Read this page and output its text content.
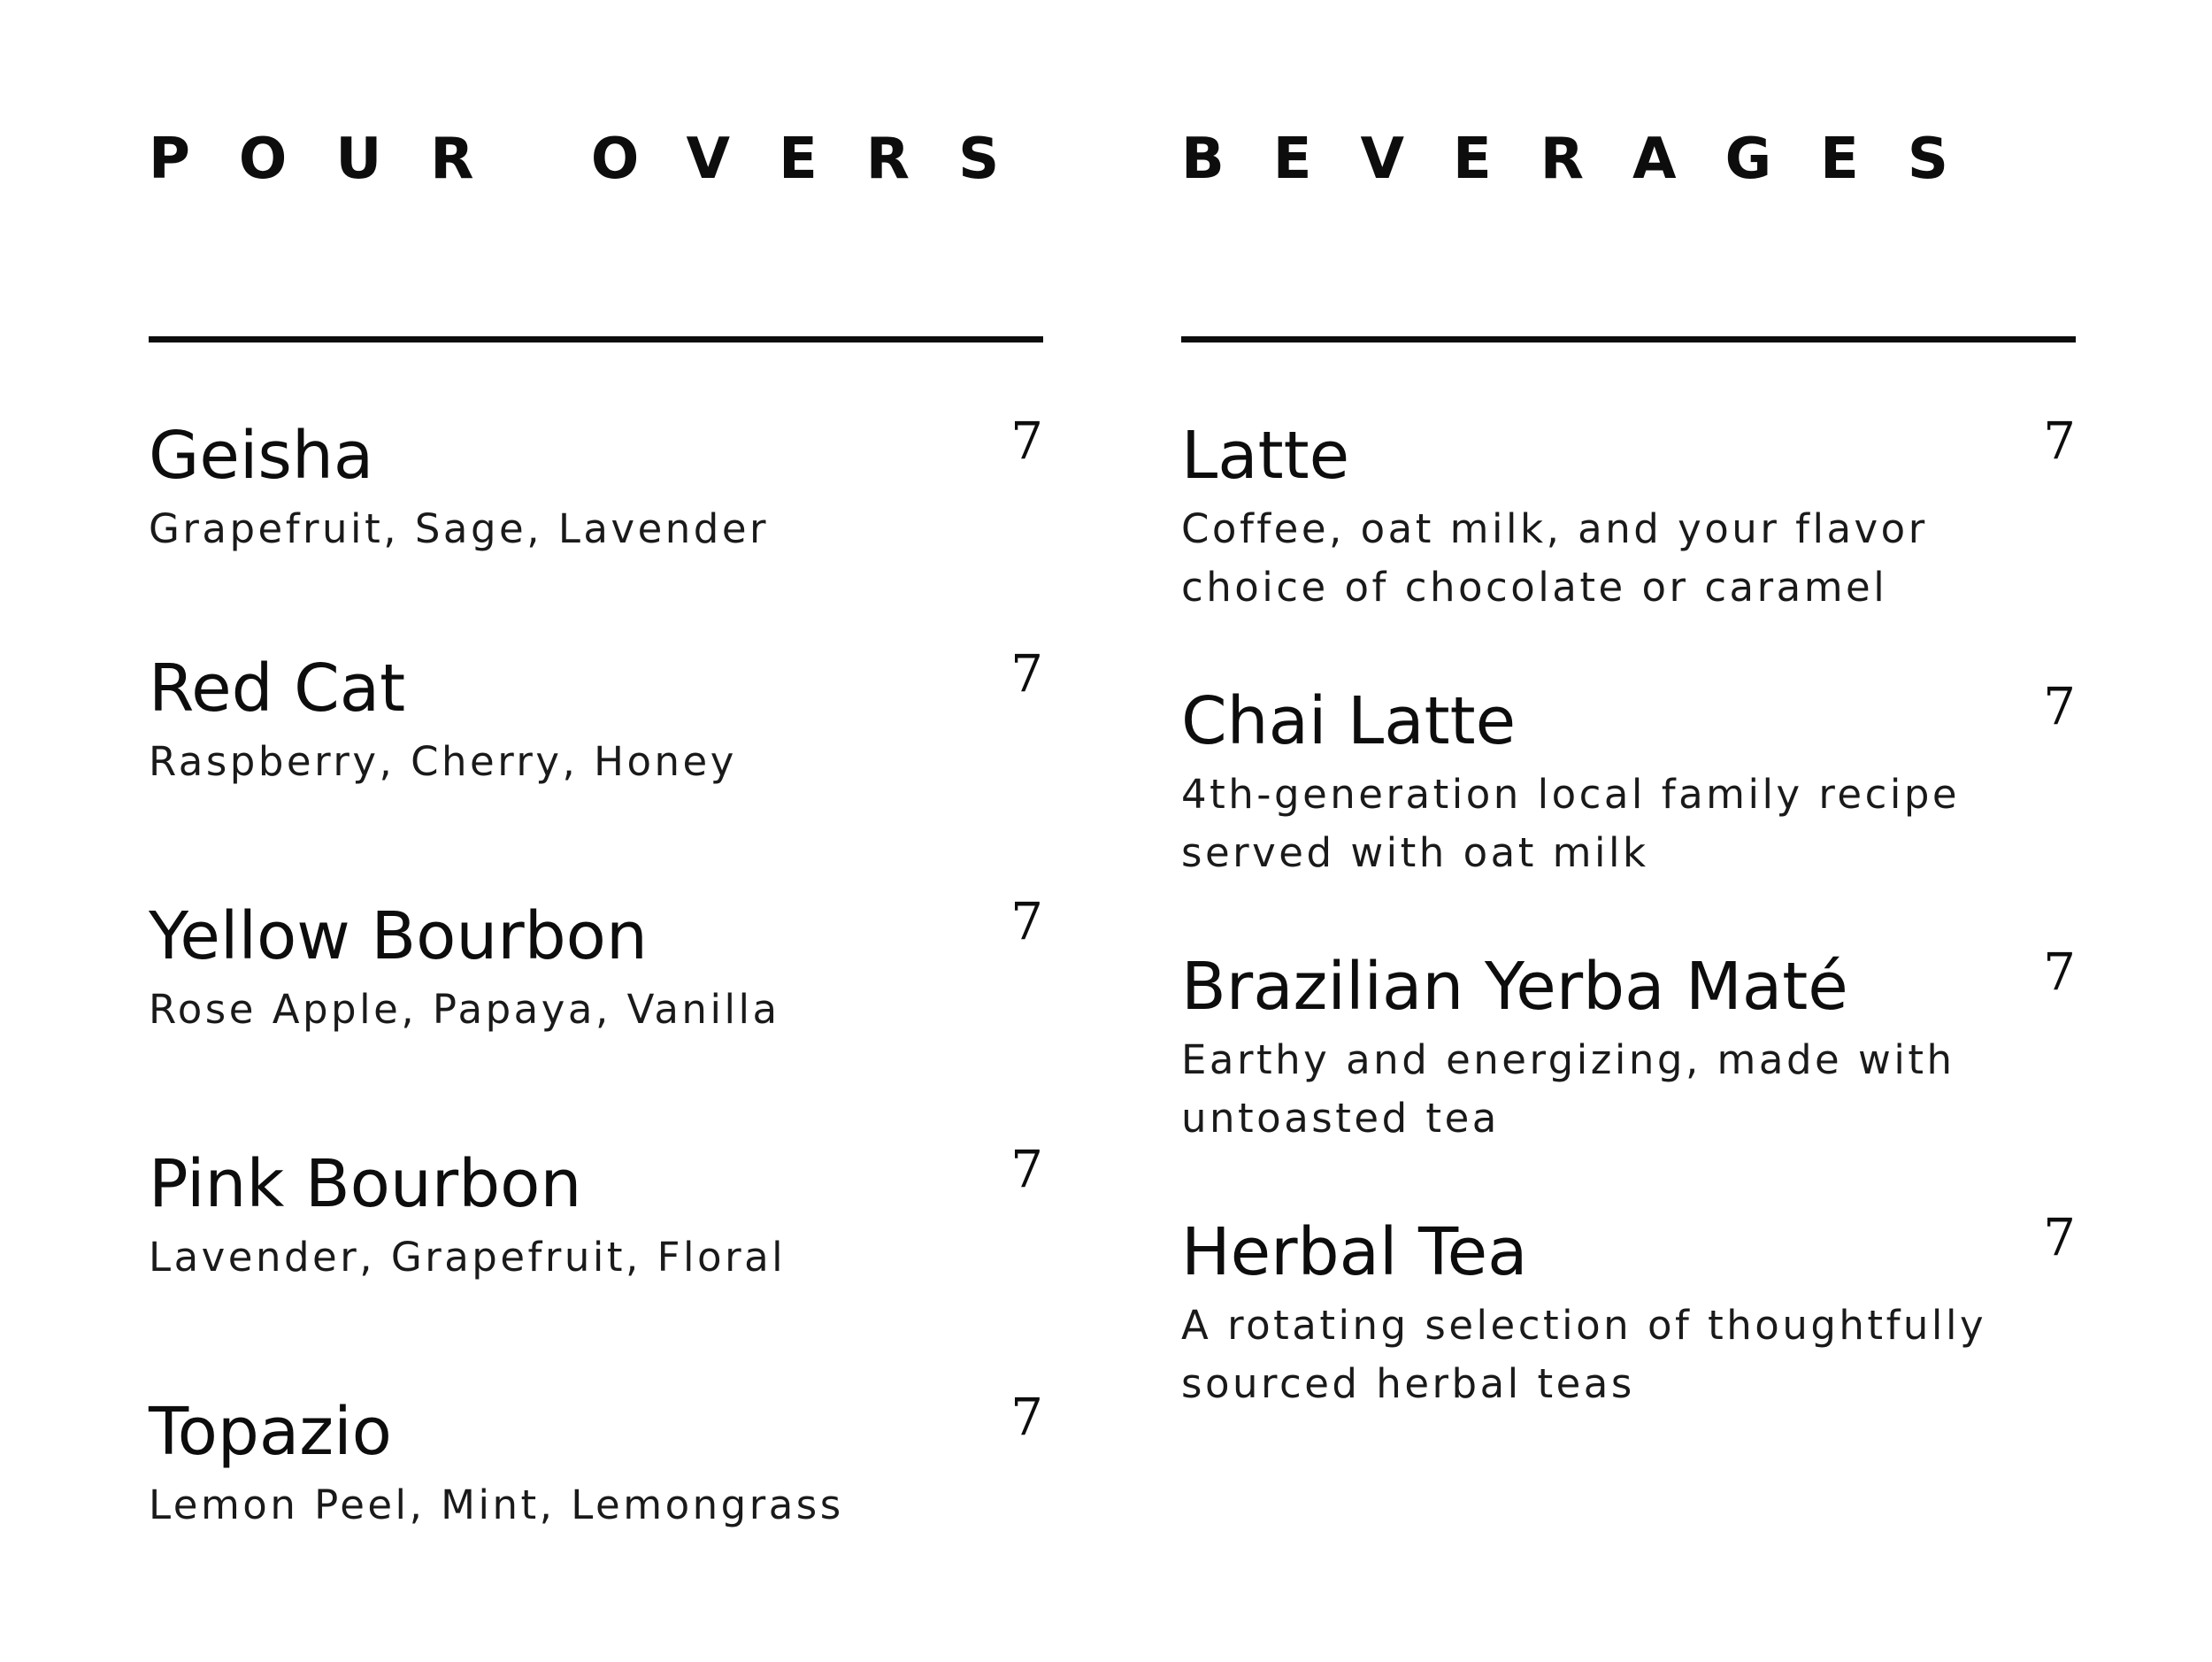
POUR OVERS
Geisha	7
Grapefruit, Sage, Lavender
Red Cat	7
Raspberry, Cherry, Honey
Yellow Bourbon	7
Rose Apple, Papaya, Vanilla
Pink Bourbon	7
Lavender, Grapefruit, Floral
Topazio	7
Lemon Peel, Mint, Lemongrass
BEVERAGES
Latte	7
Coffee, oat milk, and your flavor choice of chocolate or caramel
Chai Latte	7
4th-generation local family recipe served with oat milk
Brazilian Yerba Maté	7
Earthy and energizing, made with untoasted tea
Herbal Tea	7
A rotating selection of thoughtfully sourced herbal teas
